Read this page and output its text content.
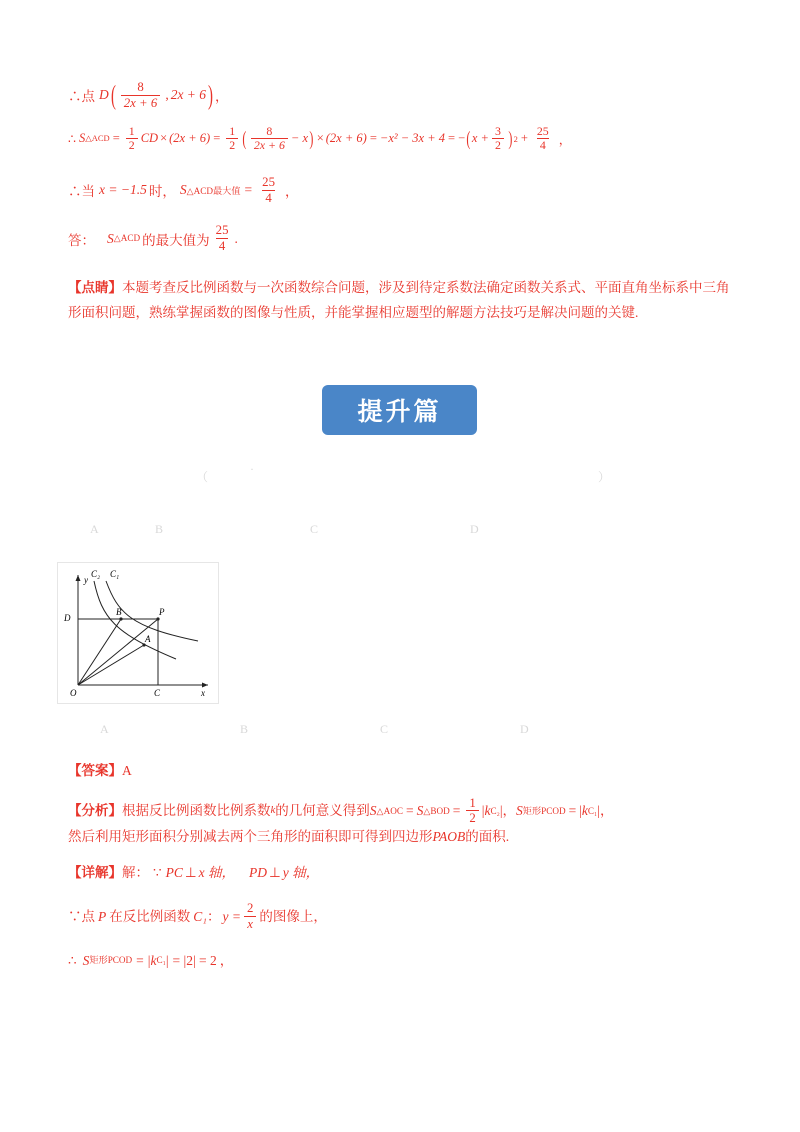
∴点 D ( $\frac{8}{2x + 6}$ , 2x + 6 ) ，
∴ S △ACD = $\frac{1}{2}$ CD × $(2x + 6) = \frac{1}{2}$ ( $\frac{8}{2x + 6} - x$ ) × (2x + 6) = −x² − 3x + 4 = − ( $x + \frac{3}{2}$ ) $2 + \frac{25}{4}$ ，
∴当 x = −1.5 时， S △ACD最大值 = $\frac{25}{4}$ ，
答： S △ACD 的最大值为 $\frac{25}{4}$ .
【点睛】本题考查反比例函数与一次函数综合问题，涉及到待定系数法确定函数关系式、平面直角坐标系中三角形面积问题，熟练掌握函数的图像与性质，并能掌握相应题型的解题方法技巧是解决问题的关键.
提升篇
（	）
·
A	B	C	D
y
x
O
C₂ C₁
D
B	P
A
C
A	B	C	D
【答案】 A
【分析】 根据反比例函数比例系数 k 的几何意义得到 S △AOC = S △BOD = $\frac{1}{2}$ | k C₂ | ， S 矩形PCOD = | k C₁ | ，
然后利用矩形面积分别减去两个三角形的面积即可得到四边形 PAOB 的面积.
【详解】 解： ∵ PC ⊥ x 轴， PD ⊥ y 轴，
∵点 P 在反比例函数 C₁ ： $y = \frac{2}{x}$ 的图像上，
∴ S 矩形PCOD = | k C₁ | = |2| = 2 ，
